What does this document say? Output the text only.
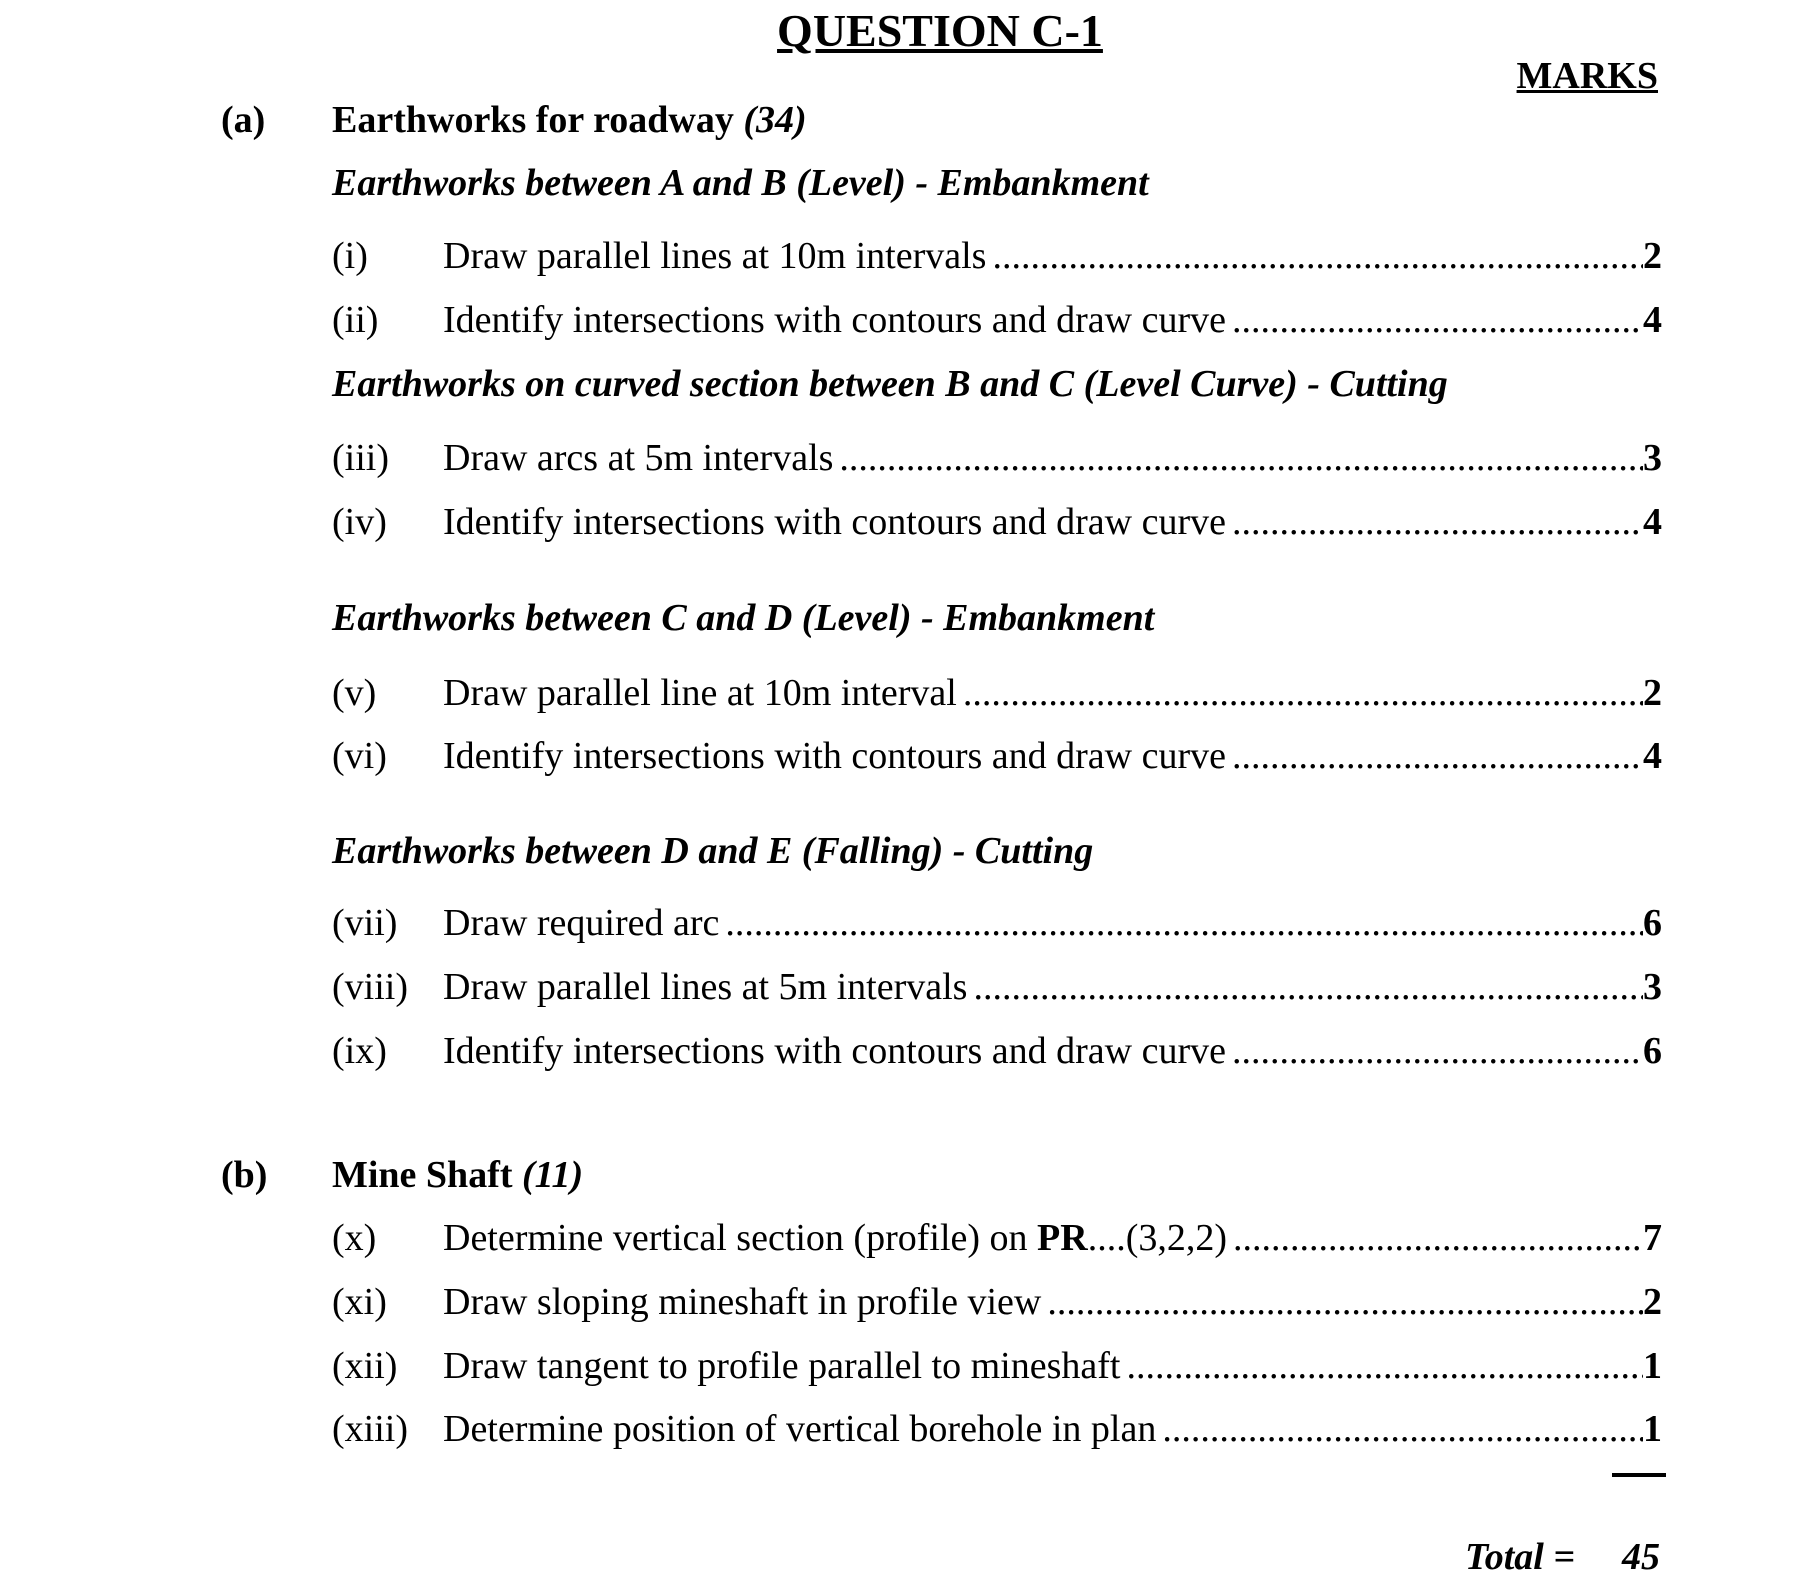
QUESTION C-1
MARKS
(a) Earthworks for roadway (34)
Earthworks between A and B (Level) - Embankment
(i) Draw parallel lines at 10m intervals .....	2
(ii) Identify intersections with contours and draw curve .....	4
Earthworks on curved section between B and C (Level Curve) - Cutting
(iii) Draw arcs at 5m intervals .....	3
(iv) Identify intersections with contours and draw curve .....	4
Earthworks between C and D (Level) - Embankment
(v) Draw parallel line at 10m interval .....	2
(vi) Identify intersections with contours and draw curve .....	4
Earthworks between D and E (Falling) - Cutting
(vii) Draw required arc .....	6
(viii) Draw parallel lines at 5m intervals .....	3
(ix) Identify intersections with contours and draw curve .....	6
(b) Mine Shaft (11)
(x) Determine vertical section (profile) on PR....(3,2,2) .....	7
(xi) Draw sloping mineshaft in profile view .....	2
(xii) Draw tangent to profile parallel to mineshaft .....	1
(xiii) Determine position of vertical borehole in plan .....	1
Total = 45
